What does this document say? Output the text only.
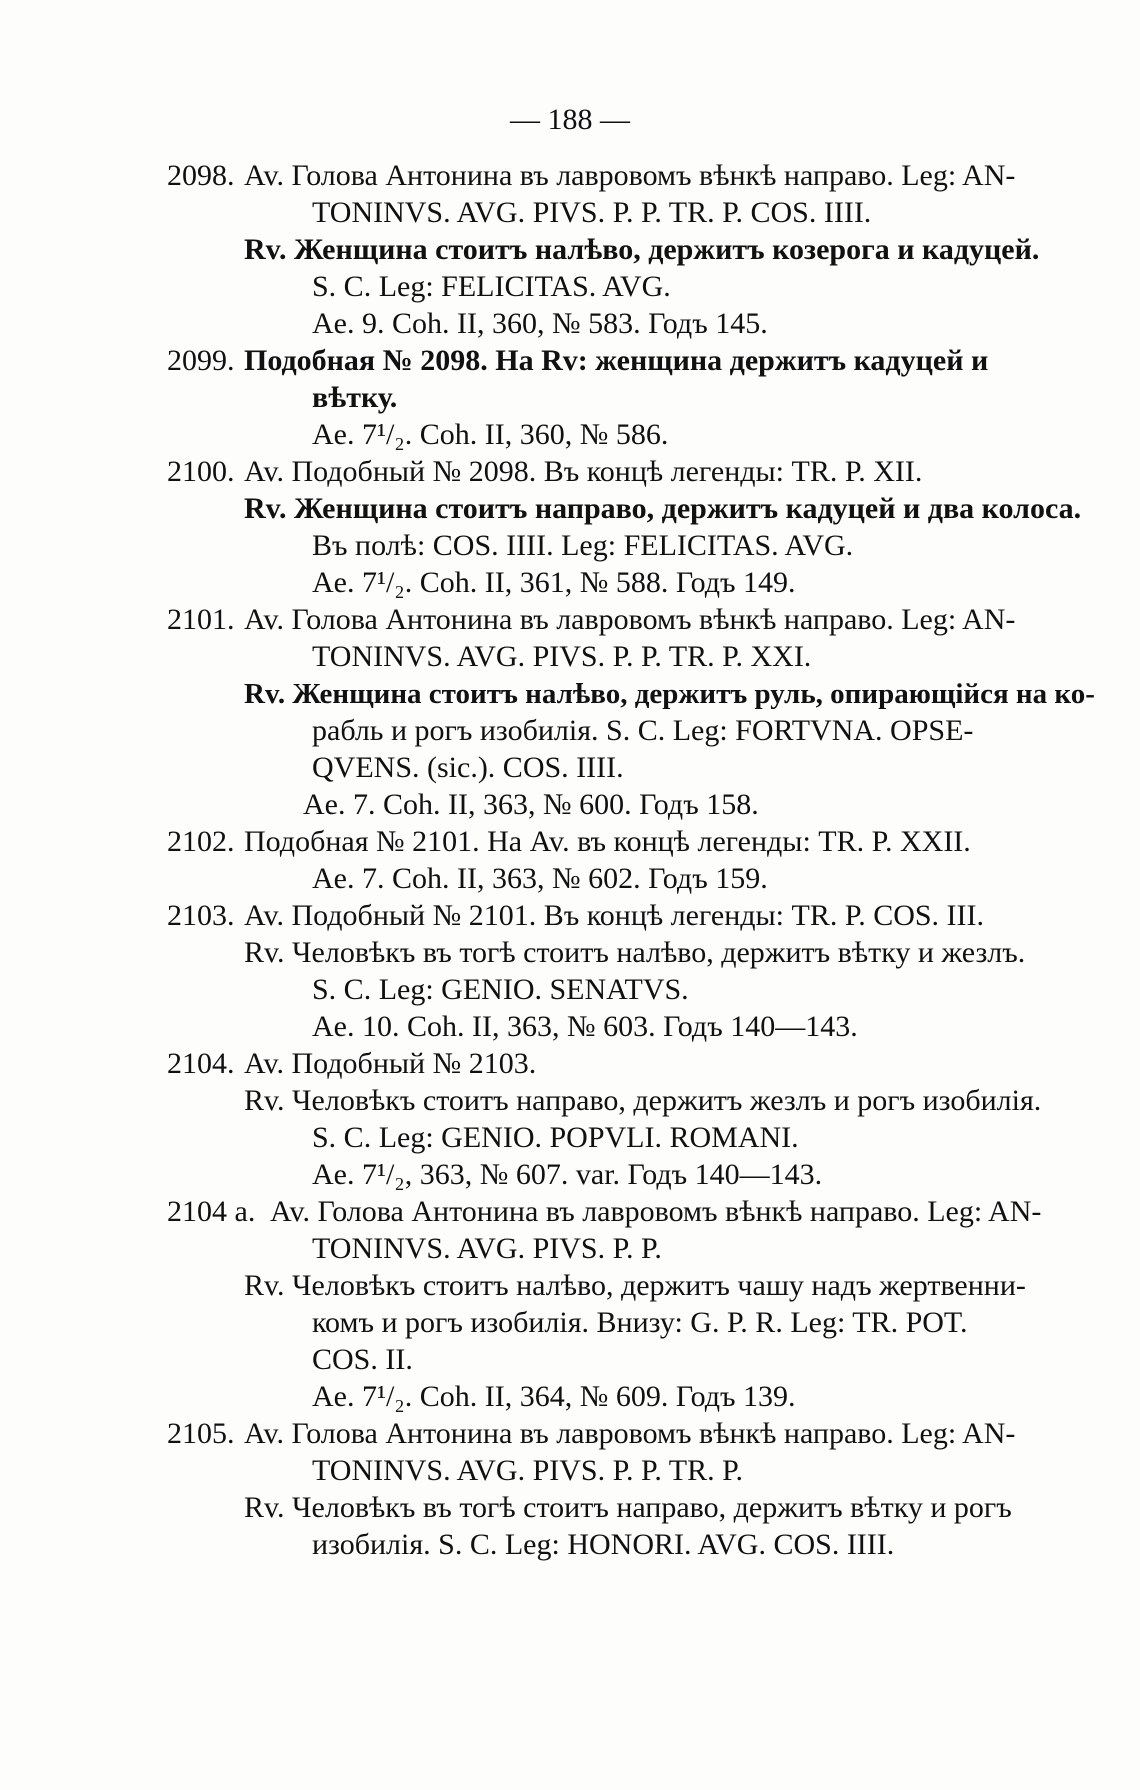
— 188 —
2098. Av. Голова Антонина въ лавровомъ вѣнкѣ направо. Leg: AN-
TONINVS. AVG. PIVS. P. P. TR. P. COS. IIII.
Rv. Женщина стоитъ налѣво, держитъ козерога и кадуцей.
S. C. Leg: FELICITAS. AVG.
Ae. 9. Coh. II, 360, № 583. Годъ 145.
2099. Подобная № 2098. На Rv: женщина держитъ кадуцей и
вѣтку.
Ae. 7¹/₂. Coh. II, 360, № 586.
2100. Av. Подобный № 2098. Въ концѣ легенды: TR. P. XII.
Rv. Женщина стоитъ направо, держитъ кадуцей и два колоса.
Въ полѣ: COS. IIII. Leg: FELICITAS. AVG.
Ae. 7¹/₂. Coh. II, 361, № 588. Годъ 149.
2101. Av. Голова Антонина въ лавровомъ вѣнкѣ направо. Leg: AN-
TONINVS. AVG. PIVS. P. P. TR. P. XXI.
Rv. Женщина стоитъ налѣво, держитъ руль, опирающійся на ко-
рабль и рогъ изобилія. S. C. Leg: FORTVNA. OPSE-
QVENS. (sic.). COS. IIII.
Ae. 7. Coh. II, 363, № 600. Годъ 158.
2102. Подобная № 2101. На Av. въ концѣ легенды: TR. P. XXII.
Ae. 7. Coh. II, 363, № 602. Годъ 159.
2103. Av. Подобный № 2101. Въ концѣ легенды: TR. P. COS. III.
Rv. Человѣкъ въ тогѣ стоитъ налѣво, держитъ вѣтку и жезлъ.
S. C. Leg: GENIO. SENATVS.
Ae. 10. Coh. II, 363, № 603. Годъ 140—143.
2104. Av. Подобный № 2103.
Rv. Человѣкъ стоитъ направо, держитъ жезлъ и рогъ изобилія.
S. C. Leg: GENIO. POPVLI. ROMANI.
Ae. 7¹/₂, 363, № 607. var. Годъ 140—143.
2104 a. Av. Голова Антонина въ лавровомъ вѣнкѣ направо. Leg: AN-
TONINVS. AVG. PIVS. P. P.
Rv. Человѣкъ стоитъ налѣво, держитъ чашу надъ жертвенни-
комъ и рогъ изобилія. Внизу: G. P. R. Leg: TR. POT.
COS. II.
Ae. 7¹/₂. Coh. II, 364, № 609. Годъ 139.
2105. Av. Голова Антонина въ лавровомъ вѣнкѣ направо. Leg: AN-
TONINVS. AVG. PIVS. P. P. TR. P.
Rv. Человѣкъ въ тогѣ стоитъ направо, держитъ вѣтку и рогъ
изобилія. S. C. Leg: HONORI. AVG. COS. IIII.
